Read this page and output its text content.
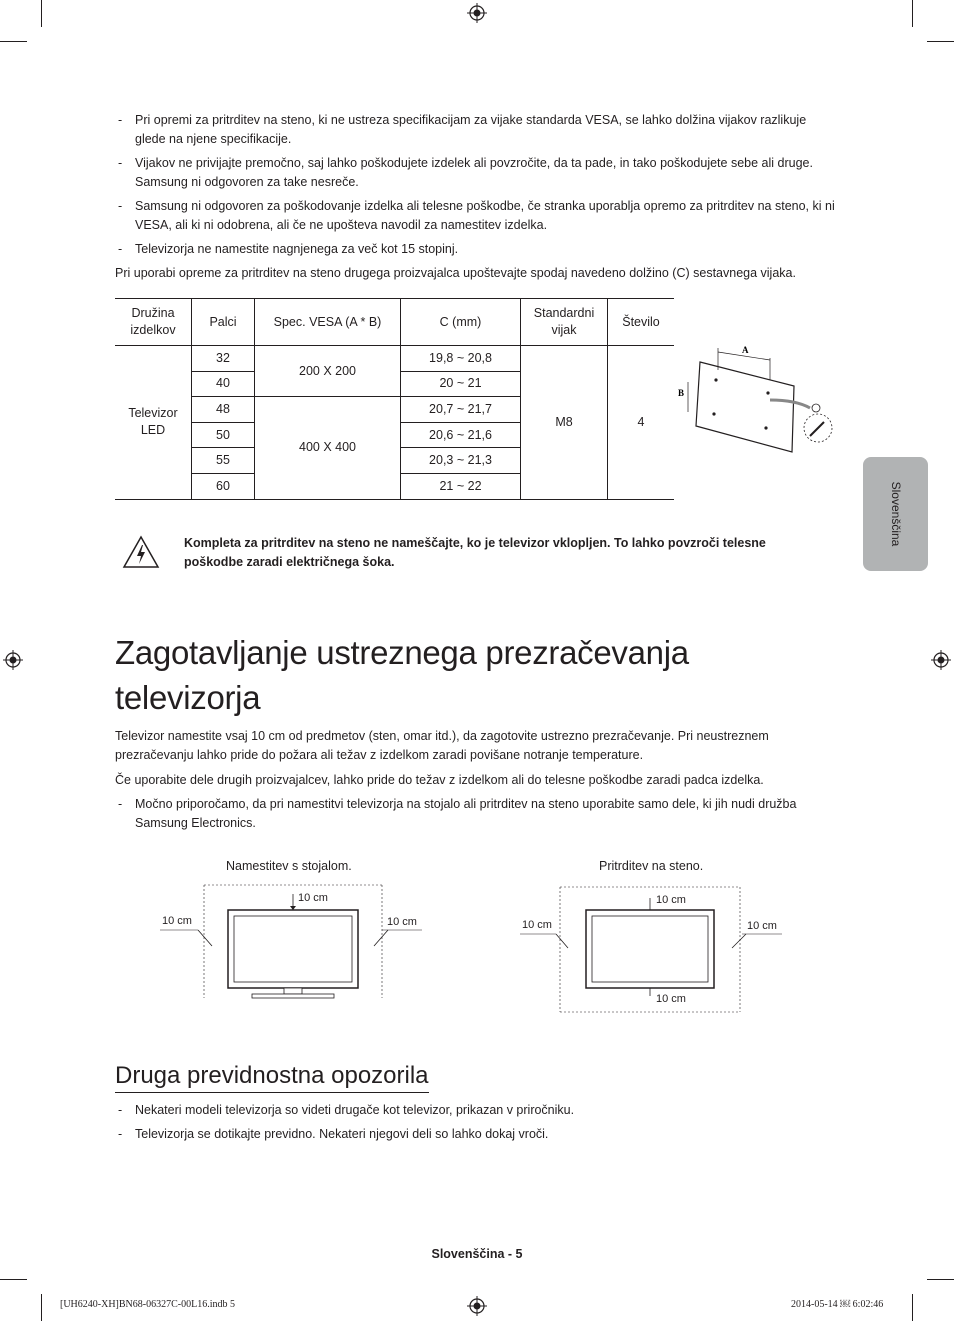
- Pri opremi za pritrditev na steno, ki ne ustreza specifikacijam za vijake standarda VESA, se lahko dolžina vijakov razlikuje glede na njene specifikacije.
- Vijakov ne privijajte premočno, saj lahko poškodujete izdelek ali povzročite, da ta pade, in tako poškodujete sebe ali druge. Samsung ni odgovoren za take nesreče.
- Samsung ni odgovoren za poškodovanje izdelka ali telesne poškodbe, če stranka uporablja opremo za pritrditev na steno, ki ni VESA, ali ki ni odobrena, ali če ne upošteva navodil za namestitev izdelka.
- Televizorja ne namestite nagnjenega za več kot 15 stopinj.
Pri uporabi opreme za pritrditev na steno drugega proizvajalca upoštevajte spodaj navedeno dolžino (C) sestavnega vijaka.
Družina izdelkov	Palci	Spec. VESA (A * B)	C (mm)	Standardni vijak	Število
Televizor LED	32	200 X 200	19,8 ~ 20,8	M8	4
	40		20 ~ 21		
	48	400 X 400	20,7 ~ 21,7		
	50		20,6 ~ 21,6		
	55		20,3 ~ 21,3		
	60		21 ~ 22		
A
B
Kompleta za pritrditev na steno ne nameščajte, ko je televizor vklopljen. To lahko povzroči telesne poškodbe zaradi električnega šoka.
Zagotavljanje ustreznega prezračevanja televizorja
Televizor namestite vsaj 10 cm od predmetov (sten, omar itd.), da zagotovite ustrezno prezračevanje. Pri neustreznem prezračevanju lahko pride do požara ali težav z izdelkom zaradi povišane notranje temperature.
Če uporabite dele drugih proizvajalcev, lahko pride do težav z izdelkom ali do telesne poškodbe zaradi padca izdelka.
- Močno priporočamo, da pri namestitvi televizorja na stojalo ali pritrditev na steno uporabite samo dele, ki jih nudi družba Samsung Electronics.
Namestitev s stojalom.
10 cm
10 cm	10 cm
Pritrditev na steno.
10 cm
10 cm	10 cm
10 cm
Druga previdnostna opozorila
- Nekateri modeli televizorja so videti drugače kot televizor, prikazan v priročniku.
- Televizorja se dotikajte previdno. Nekateri njegovi deli so lahko dokaj vroči.
Slovenščina
Slovenščina - 5
[UH6240-XH]BN68-06327C-00L16.indb 5	2014-05-14 ￼ 6:02:46
